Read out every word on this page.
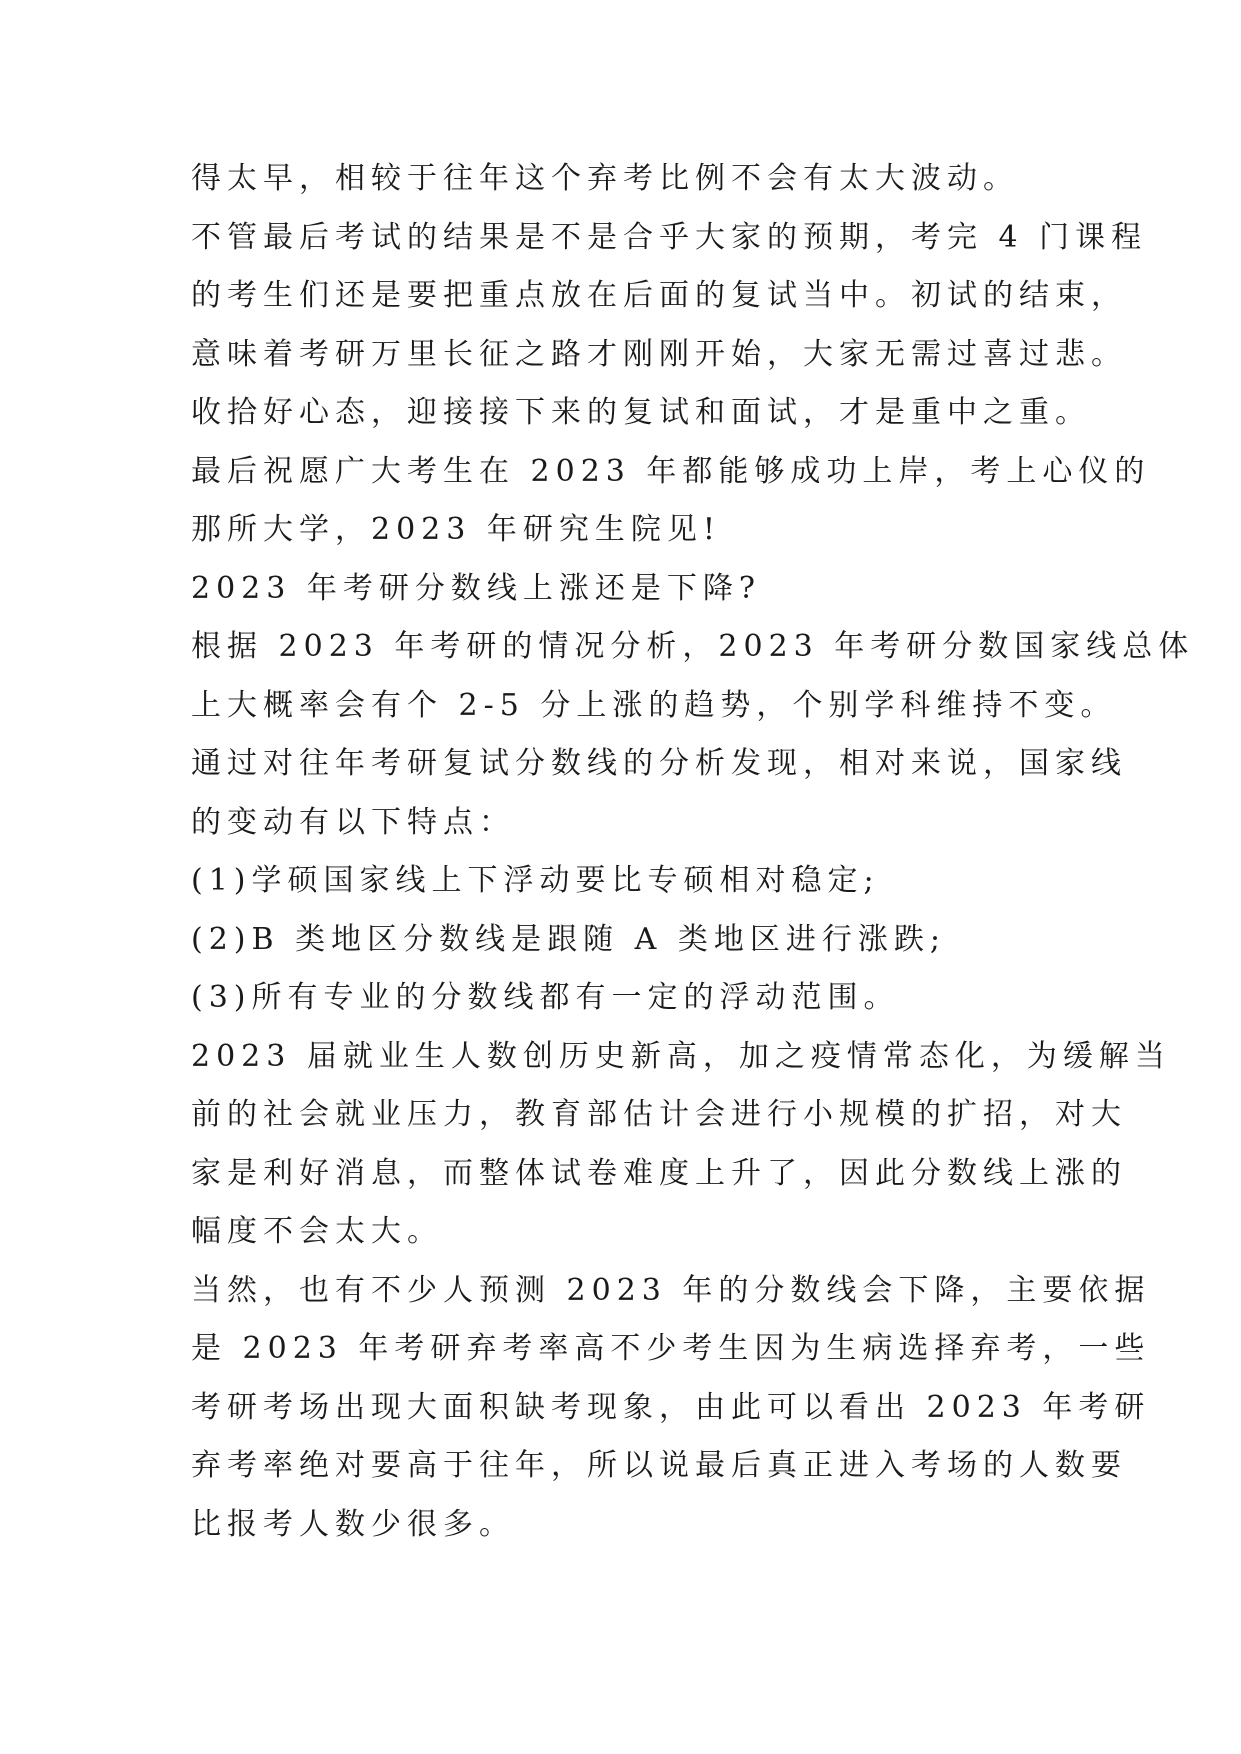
得太早，相较于往年这个弃考比例不会有太大波动。
不管最后考试的结果是不是合乎大家的预期，考完 4 门课程
的考生们还是要把重点放在后面的复试当中。初试的结束，
意味着考研万里长征之路才刚刚开始，大家无需过喜过悲。
收拾好心态，迎接接下来的复试和面试，才是重中之重。
最后祝愿广大考生在 2023 年都能够成功上岸，考上心仪的
那所大学，2023 年研究生院见!
2023 年考研分数线上涨还是下降?
根据 2023 年考研的情况分析，2023 年考研分数国家线总体
上大概率会有个 2-5 分上涨的趋势，个别学科维持不变。
通过对往年考研复试分数线的分析发现，相对来说，国家线
的变动有以下特点：
(1)学硕国家线上下浮动要比专硕相对稳定;
(2)B 类地区分数线是跟随 A 类地区进行涨跌;
(3)所有专业的分数线都有一定的浮动范围。
2023 届就业生人数创历史新高，加之疫情常态化，为缓解当
前的社会就业压力，教育部估计会进行小规模的扩招，对大
家是利好消息，而整体试卷难度上升了，因此分数线上涨的
幅度不会太大。
当然，也有不少人预测 2023 年的分数线会下降，主要依据
是 2023 年考研弃考率高不少考生因为生病选择弃考，一些
考研考场出现大面积缺考现象，由此可以看出 2023 年考研
弃考率绝对要高于往年，所以说最后真正进入考场的人数要
比报考人数少很多。
